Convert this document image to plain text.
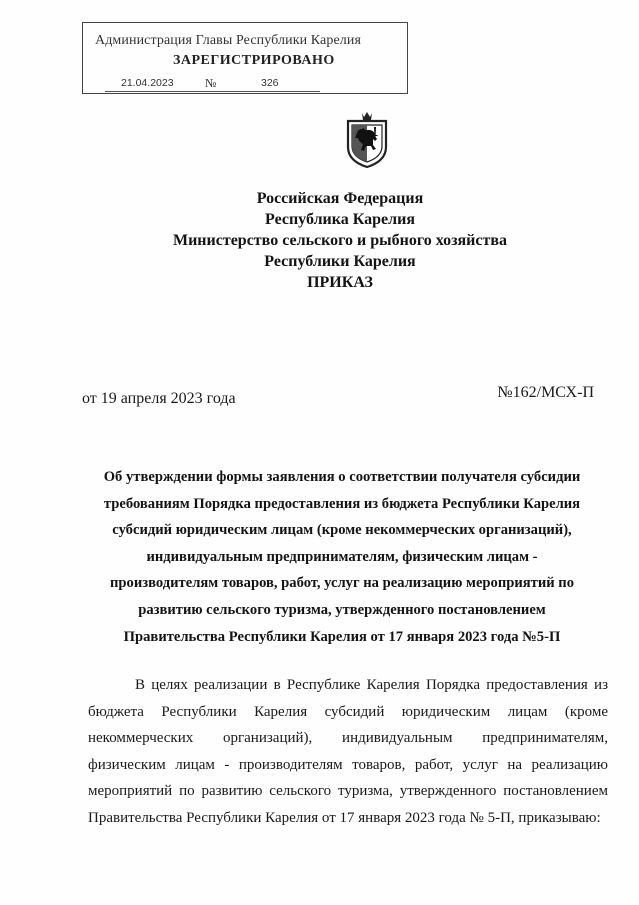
Администрация Главы Республики Карелия
ЗАРЕГИСТРИРОВАНО
21.04.2023	№	326
Российская Федерация
Республика Карелия
Министерство сельского и рыбного хозяйства
Республики Карелия
ПРИКАЗ
от 19 апреля 2023 года	№162/МСХ-П
Об утверждении формы заявления о соответствии получателя субсидии
требованиям Порядка предоставления из бюджета Республики Карелия
субсидий юридическим лицам (кроме некоммерческих организаций),
индивидуальным предпринимателям, физическим лицам -
производителям товаров, работ, услуг на реализацию мероприятий по
развитию сельского туризма, утвержденного постановлением
Правительства Республики Карелия от 17 января 2023 года №5-П
В целях реализации в Республике Карелия Порядка предоставления из
бюджета Республики Карелия субсидий юридическим лицам (кроме
некоммерческих организаций), индивидуальным предпринимателям,
физическим лицам - производителям товаров, работ, услуг на реализацию
мероприятий по развитию сельского туризма, утвержденного постановлением
Правительства Республики Карелия от 17 января 2023 года № 5-П, приказываю:
